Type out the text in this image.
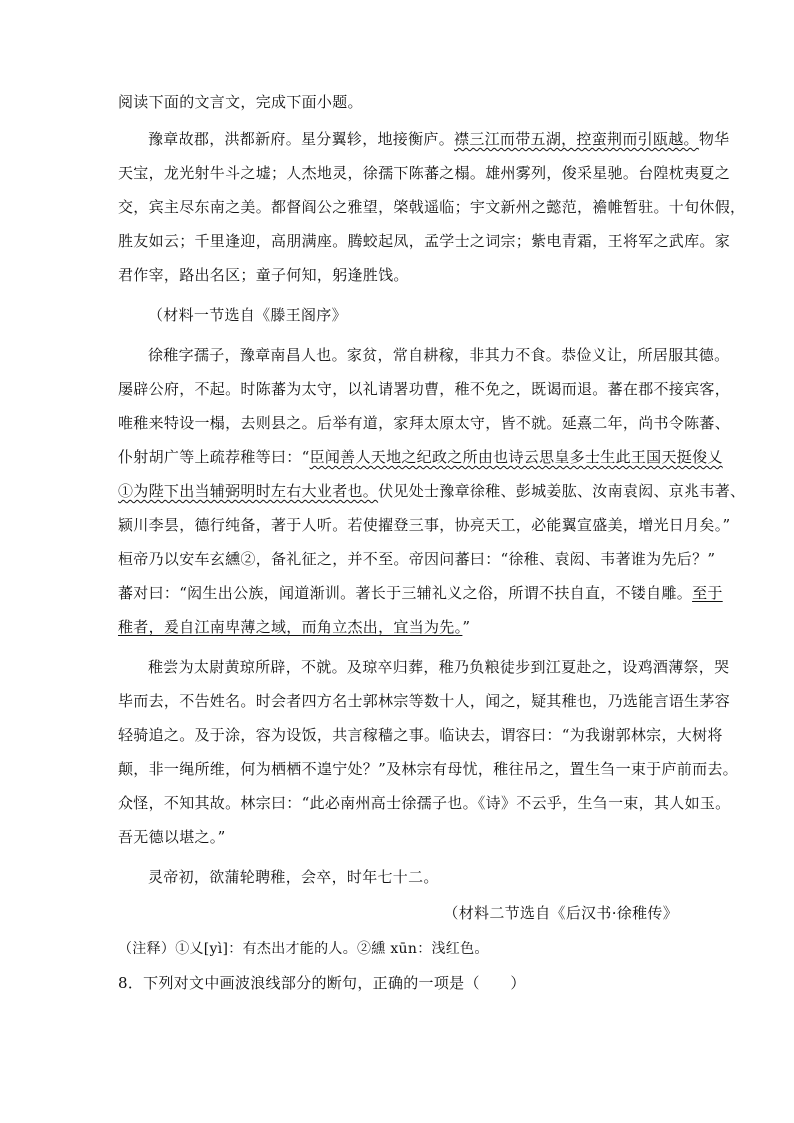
阅读下面的文言文，完成下面小题。
豫章故郡，洪都新府。星分翼轸，地接衡庐。襟三江而带五湖，控蛮荆而引瓯越。物华
天宝，龙光射牛斗之墟；人杰地灵，徐孺下陈蕃之榻。雄州雾列，俊采星驰。台隍枕夷夏之
交，宾主尽东南之美。都督阎公之雅望，棨戟遥临；宇文新州之懿范，襜帷暂驻。十旬休假，
胜友如云；千里逢迎，高朋满座。腾蛟起凤，孟学士之词宗；紫电青霜，王将军之武库。家
君作宰，路出名区；童子何知，躬逢胜饯。
（材料一节选自《滕王阁序》
徐稚字孺子，豫章南昌人也。家贫，常自耕稼，非其力不食。恭俭义让，所居服其德。
屡辟公府，不起。时陈蕃为太守，以礼请署功曹，稚不免之，既谒而退。蕃在郡不接宾客，
唯稚来特设一榻，去则县之。后举有道，家拜太原太守，皆不就。延熹二年，尚书令陈蕃、
仆射胡广等上疏荐稚等曰：“臣闻善人天地之纪政之所由也诗云思皇多士生此王国天挺俊乂
①为陛下出当辅弼明时左右大业者也。伏见处士豫章徐稚、彭城姜肱、汝南袁闳、京兆韦著、
颍川李昙，德行纯备，著于人听。若使擢登三事，协亮天工，必能翼宣盛美，增光日月矣。”
桓帝乃以安车玄纁②，备礼征之，并不至。帝因问蕃曰：“徐稚、袁闳、韦著谁为先后？”
蕃对曰：“闳生出公族，闻道渐训。著长于三辅礼义之俗，所谓不扶自直，不镂自雕。至于
稚者，爰自江南卑薄之域，而角立杰出，宜当为先。”
稚尝为太尉黄琼所辟，不就。及琼卒归葬，稚乃负粮徒步到江夏赴之，设鸡酒薄祭，哭
毕而去，不告姓名。时会者四方名士郭林宗等数十人，闻之，疑其稚也，乃选能言语生茅容
轻骑追之。及于涂，容为设饭，共言稼穑之事。临诀去，谓容曰：“为我谢郭林宗，大树将
颠，非一绳所维，何为栖栖不遑宁处？”及林宗有母忧，稚往吊之，置生刍一束于庐前而去。
众怪，不知其故。林宗曰：“此必南州高士徐孺子也。《诗》不云乎，生刍一束，其人如玉。
吾无德以堪之。”
灵帝初，欲蒲轮聘稚，会卒，时年七十二。
（材料二节选自《后汉书·徐稚传》
（注释）①乂[yì]：有杰出才能的人。②纁 xūn：浅红色。
8．下列对文中画波浪线部分的断句，正确的一项是（　　）
